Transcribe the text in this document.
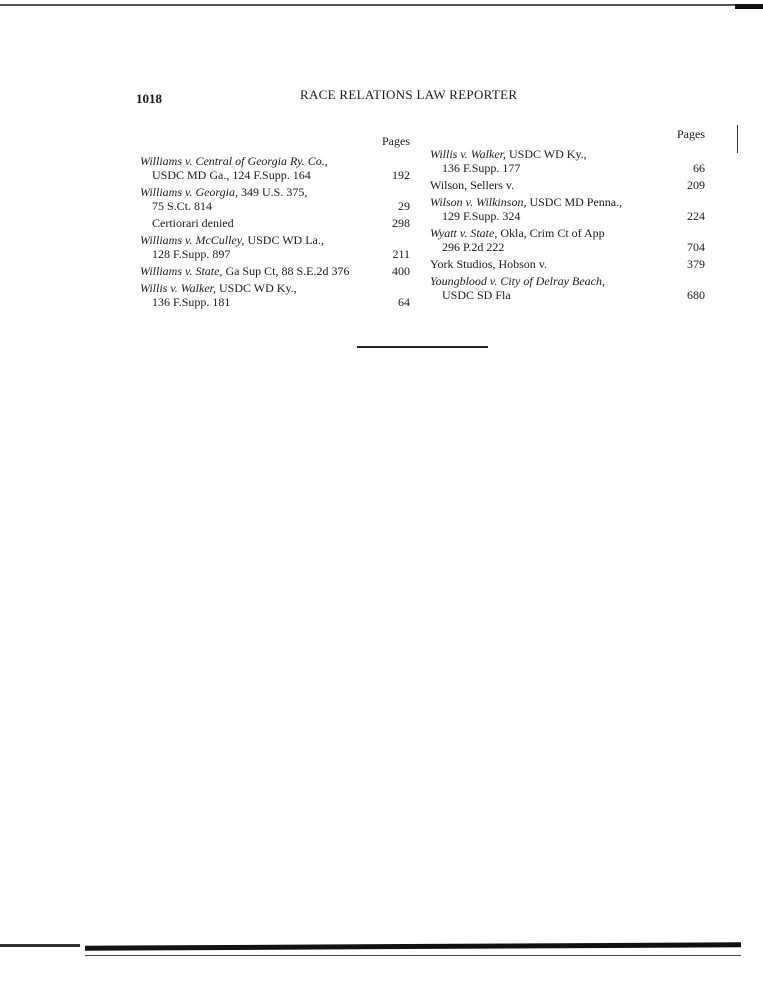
1018	RACE RELATIONS LAW REPORTER
Pages
Williams v. Central of Georgia Ry. Co.,
USDC MD Ga., 124 F.Supp. 164	192
Williams v. Georgia, 349 U.S. 375,
75 S.Ct. 814	29
Certiorari denied	298
Williams v. McCulley, USDC WD La.,
128 F.Supp. 897	211
Williams v. State, Ga Sup Ct, 88 S.E.2d 376	400
Willis v. Walker, USDC WD Ky.,
136 F.Supp. 181	64
Pages
Willis v. Walker, USDC WD Ky.,
136 F.Supp. 177	66
Wilson, Sellers v.	209
Wilson v. Wilkinson, USDC MD Penna.,
129 F.Supp. 324	224
Wyatt v. State, Okla, Crim Ct of App
296 P.2d 222	704
York Studios, Hobson v.	379
Youngblood v. City of Delray Beach,
USDC SD Fla	680
